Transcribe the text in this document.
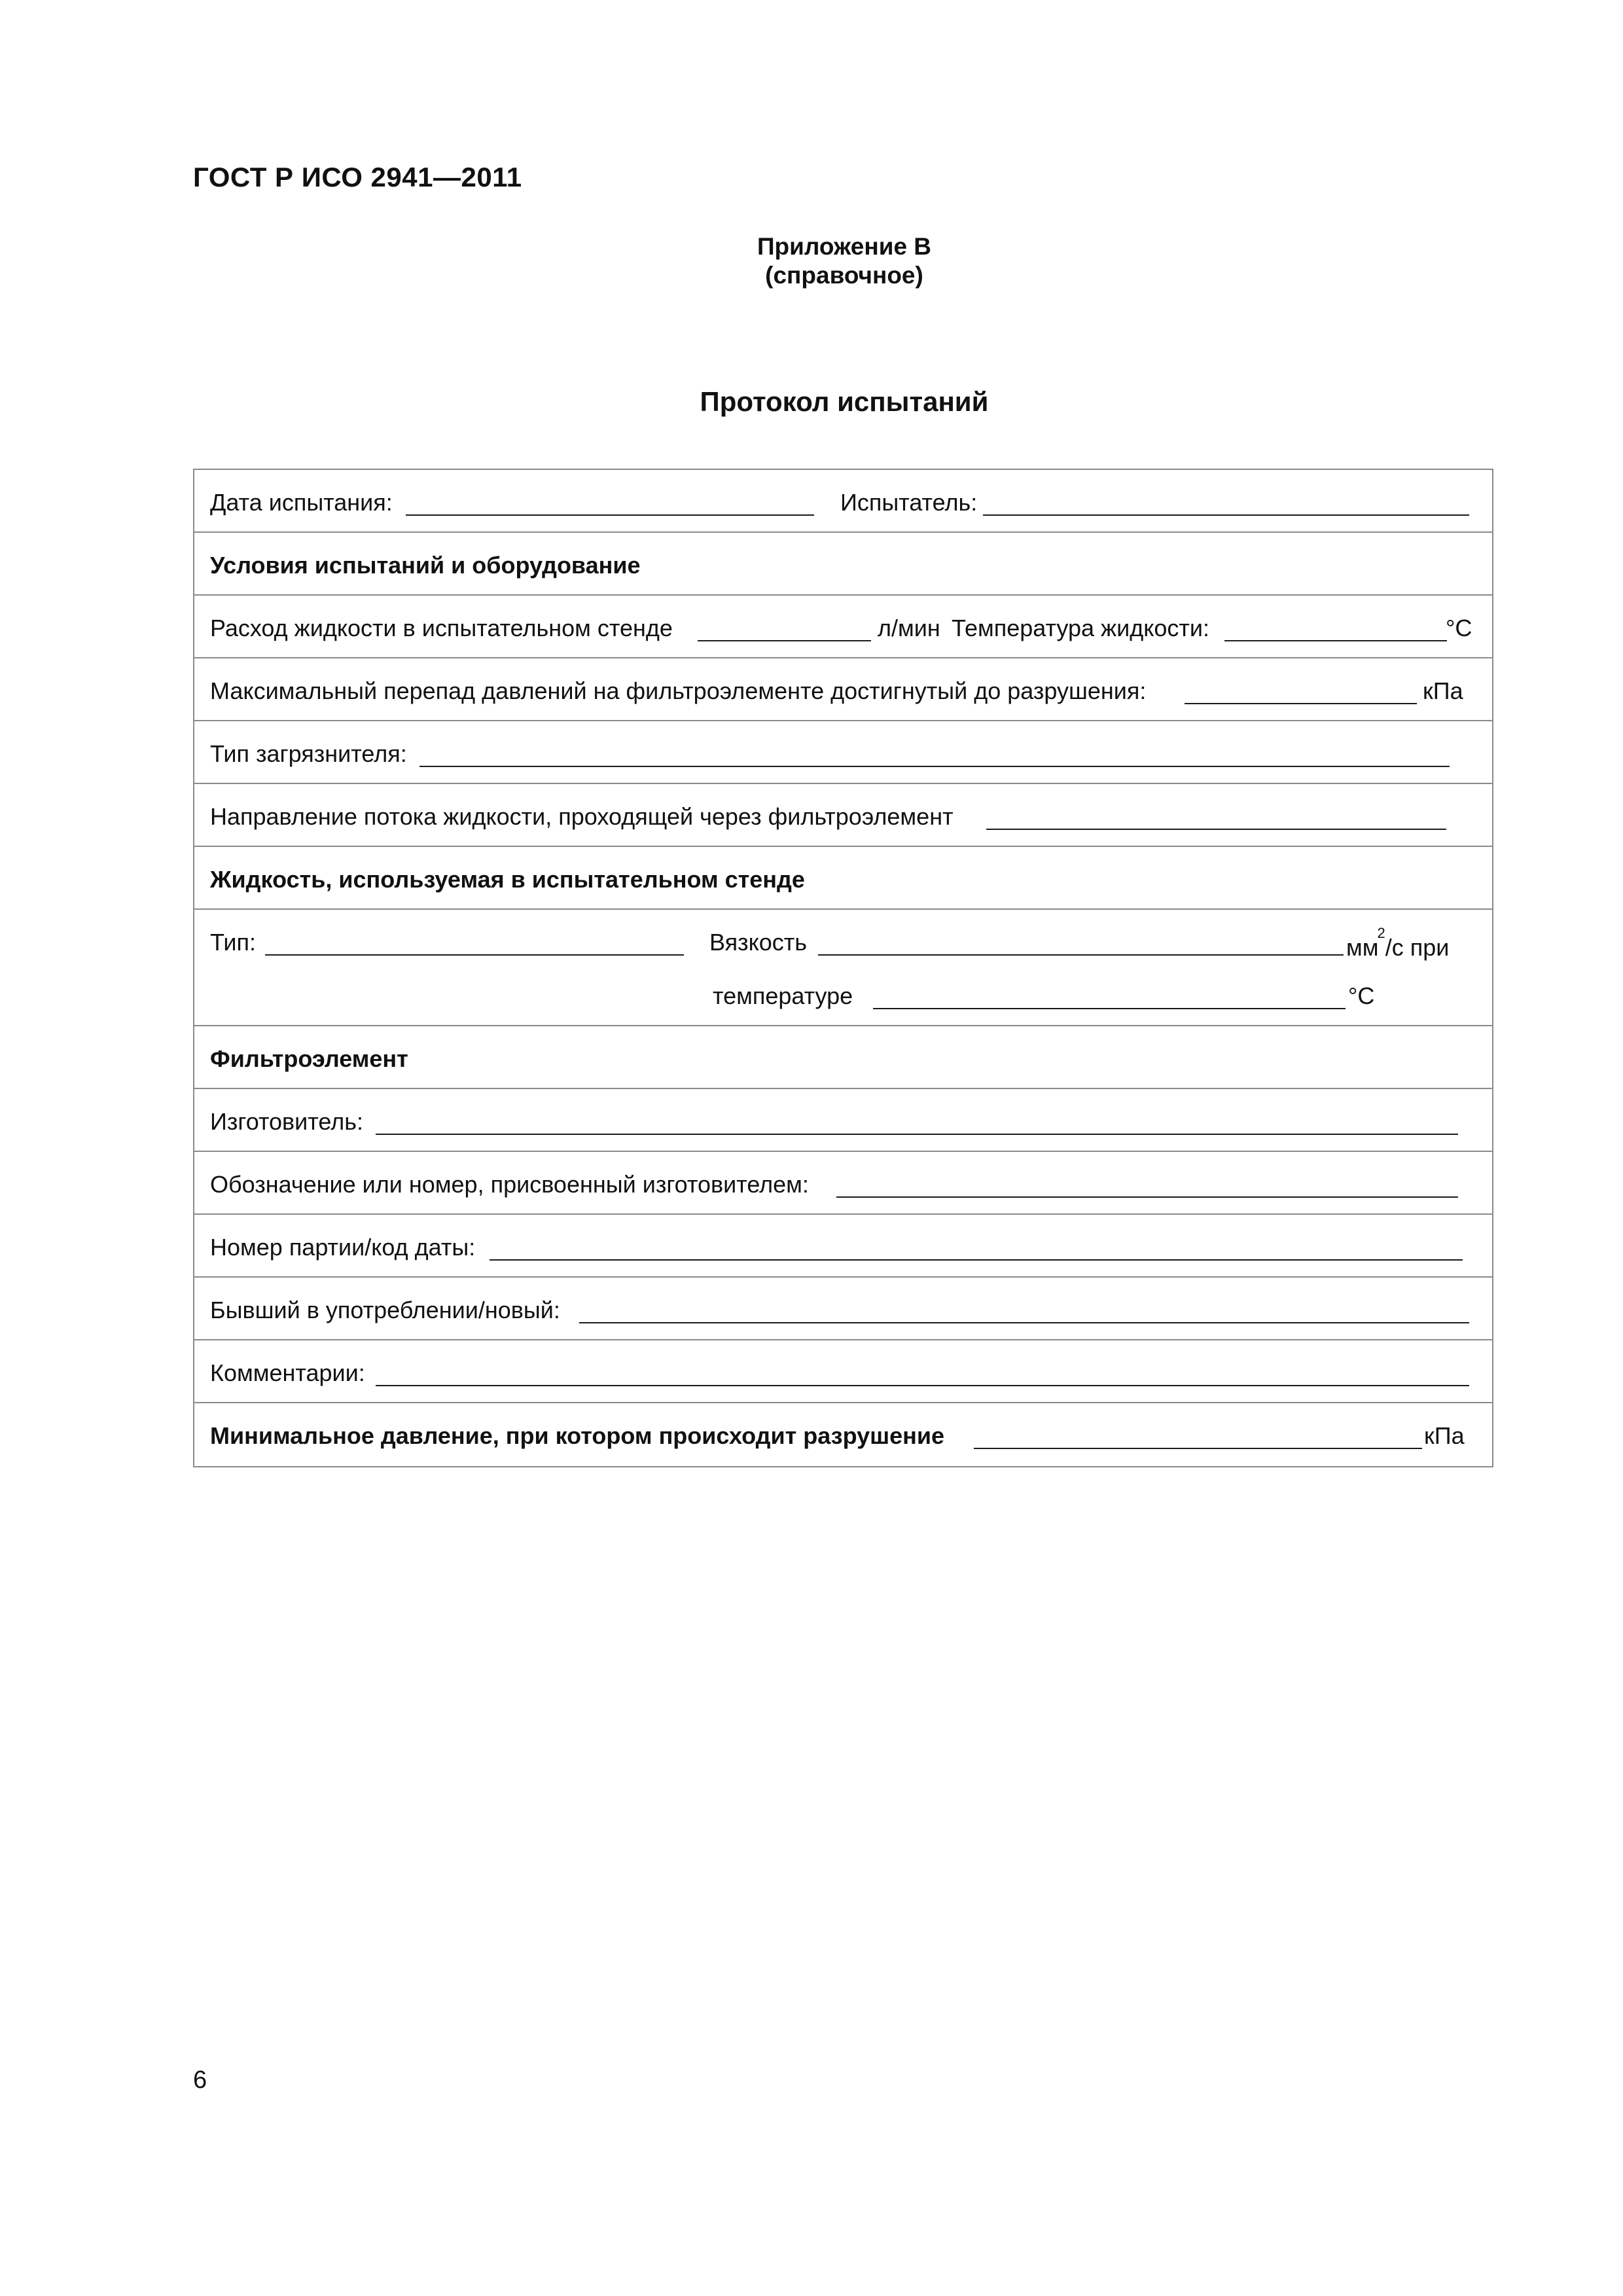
ГОСТ Р ИСО 2941—2011
Приложение В
(справочное)
Протокол испытаний
Дата испытания:	Испытатель:
Условия испытаний и оборудование
Расход жидкости в испытательном стенде	л/мин Температура жидкости:	°С
Максимальный перепад давлений на фильтроэлементе достигнутый до разрушения:	кПа
Тип загрязнителя:
Направление потока жидкости, проходящей через фильтроэлемент
Жидкость, используемая в испытательном стенде
Тип:	Вязкость	$мм^2/с$ при
температуре	°С
Фильтроэлемент
Изготовитель:
Обозначение или номер, присвоенный изготовителем:
Номер партии/код даты:
Бывший в употреблении/новый:
Комментарии:
Минимальное давление, при котором происходит разрушение	кПа
6
